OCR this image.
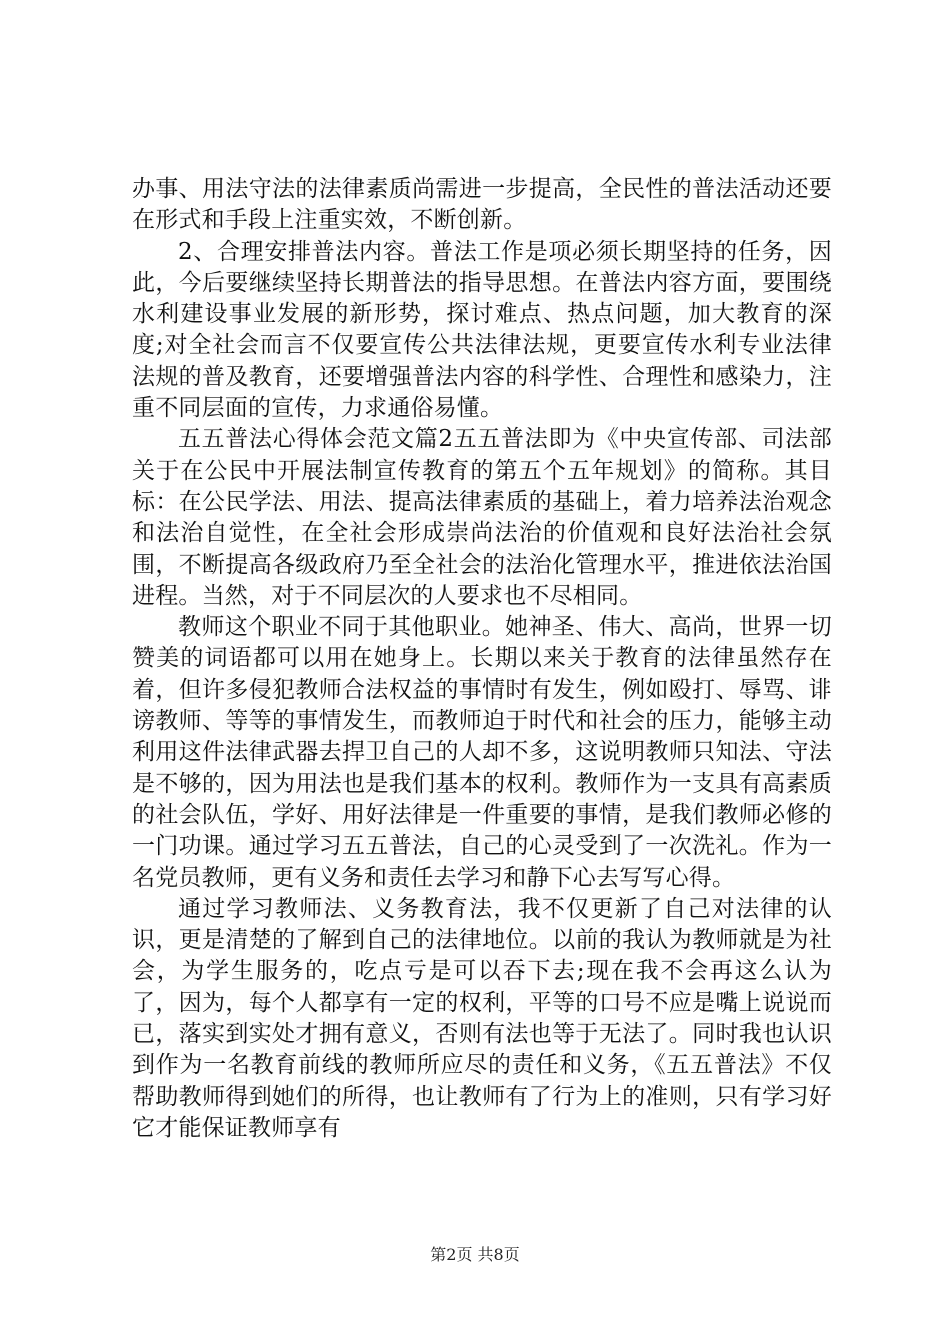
办事、用法守法的法律素质尚需进一步提高，全民性的普法活动还要在形式和手段上注重实效，不断创新。

2、合理安排普法内容。普法工作是项必须长期坚持的任务，因此，今后要继续坚持长期普法的指导思想。在普法内容方面，要围绕水利建设事业发展的新形势，探讨难点、热点问题，加大教育的深度;对全社会而言不仅要宣传公共法律法规，更要宣传水利专业法律法规的普及教育，还要增强普法内容的科学性、合理性和感染力，注重不同层面的宣传，力求通俗易懂。

五五普法心得体会范文篇2五五普法即为《中央宣传部、司法部关于在公民中开展法制宣传教育的第五个五年规划》的简称。其目标：在公民学法、用法、提高法律素质的基础上，着力培养法治观念和法治自觉性，在全社会形成崇尚法治的价值观和良好法治社会氛围，不断提高各级政府乃至全社会的法治化管理水平，推进依法治国进程。当然，对于不同层次的人要求也不尽相同。

教师这个职业不同于其他职业。她神圣、伟大、高尚，世界一切赞美的词语都可以用在她身上。长期以来关于教育的法律虽然存在着，但许多侵犯教师合法权益的事情时有发生，例如殴打、辱骂、诽谤教师、等等的事情发生，而教师迫于时代和社会的压力，能够主动利用这件法律武器去捍卫自己的人却不多，这说明教师只知法、守法是不够的，因为用法也是我们基本的权利。教师作为一支具有高素质的社会队伍，学好、用好法律是一件重要的事情，是我们教师必修的一门功课。通过学习五五普法，自己的心灵受到了一次洗礼。作为一名党员教师，更有义务和责任去学习和静下心去写写心得。

通过学习教师法、义务教育法，我不仅更新了自己对法律的认识，更是清楚的了解到自己的法律地位。以前的我认为教师就是为社会，为学生服务的，吃点亏是可以吞下去;现在我不会再这么认为了，因为，每个人都享有一定的权利，平等的口号不应是嘴上说说而已，落实到实处才拥有意义，否则有法也等于无法了。同时我也认识到作为一名教育前线的教师所应尽的责任和义务，《五五普法》不仅帮助教师得到她们的所得，也让教师有了行为上的准则，只有学习好它才能保证教师享有

第2页 共8页
